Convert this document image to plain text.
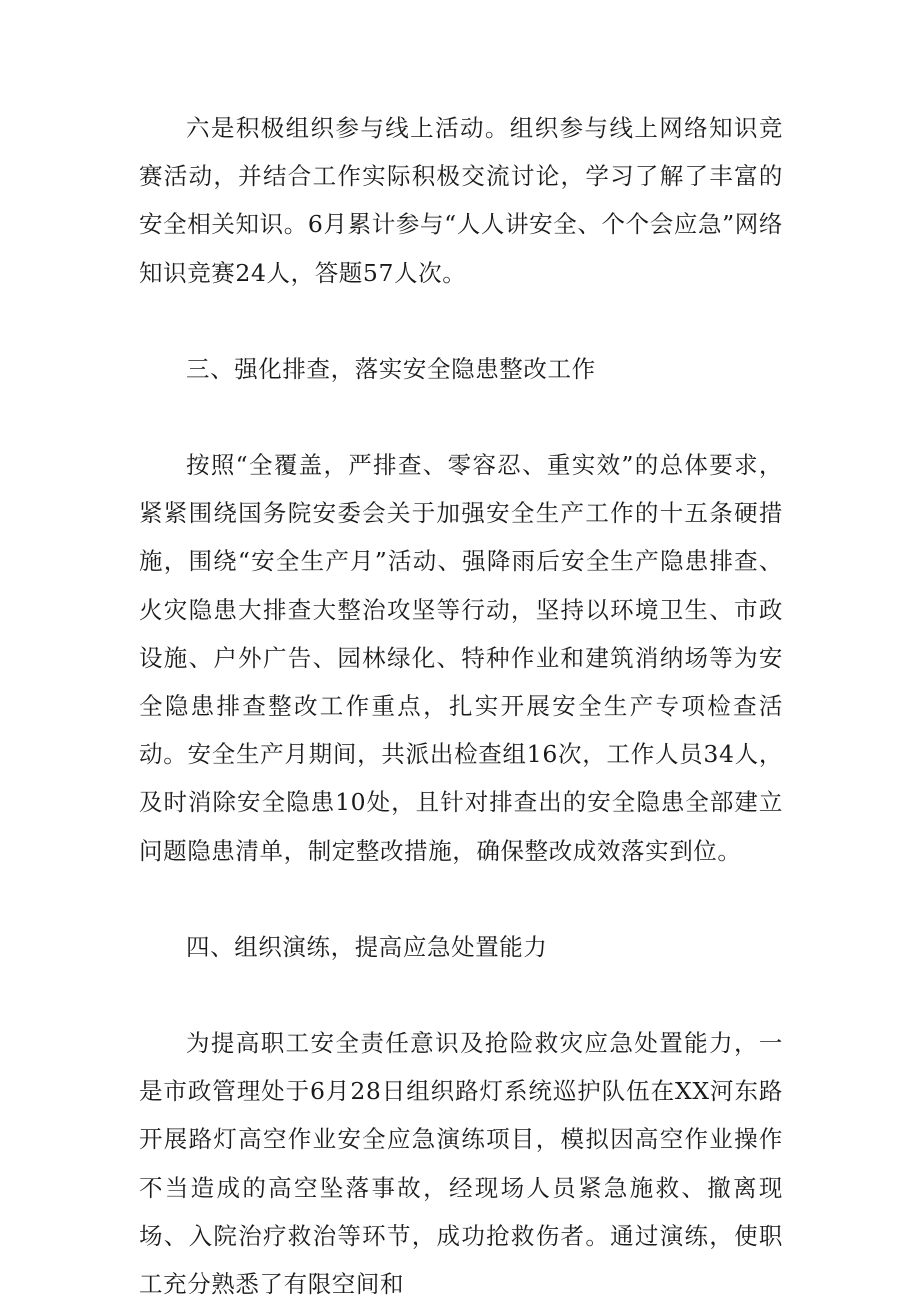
六是积极组织参与线上活动。组织参与线上网络知识竞赛活动，并结合工作实际积极交流讨论，学习了解了丰富的安全相关知识。6月累计参与“人人讲安全、个个会应急”网络知识竞赛24人，答题57人次。

三、强化排查，落实安全隐患整改工作

按照“全覆盖，严排查、零容忍、重实效”的总体要求，紧紧围绕国务院安委会关于加强安全生产工作的十五条硬措施，围绕“安全生产月”活动、强降雨后安全生产隐患排查、火灾隐患大排查大整治攻坚等行动，坚持以环境卫生、市政设施、户外广告、园林绿化、特种作业和建筑消纳场等为安全隐患排查整改工作重点，扎实开展安全生产专项检查活动。安全生产月期间，共派出检查组16次，工作人员34人，及时消除安全隐患10处，且针对排查出的安全隐患全部建立问题隐患清单，制定整改措施，确保整改成效落实到位。

四、组织演练，提高应急处置能力

为提高职工安全责任意识及抢险救灾应急处置能力，一是市政管理处于6月28日组织路灯系统巡护队伍在XX河东路开展路灯高空作业安全应急演练项目，模拟因高空作业操作不当造成的高空坠落事故，经现场人员紧急施救、撤离现场、入院治疗救治等环节，成功抢救伤者。通过演练，使职工充分熟悉了有限空间和
